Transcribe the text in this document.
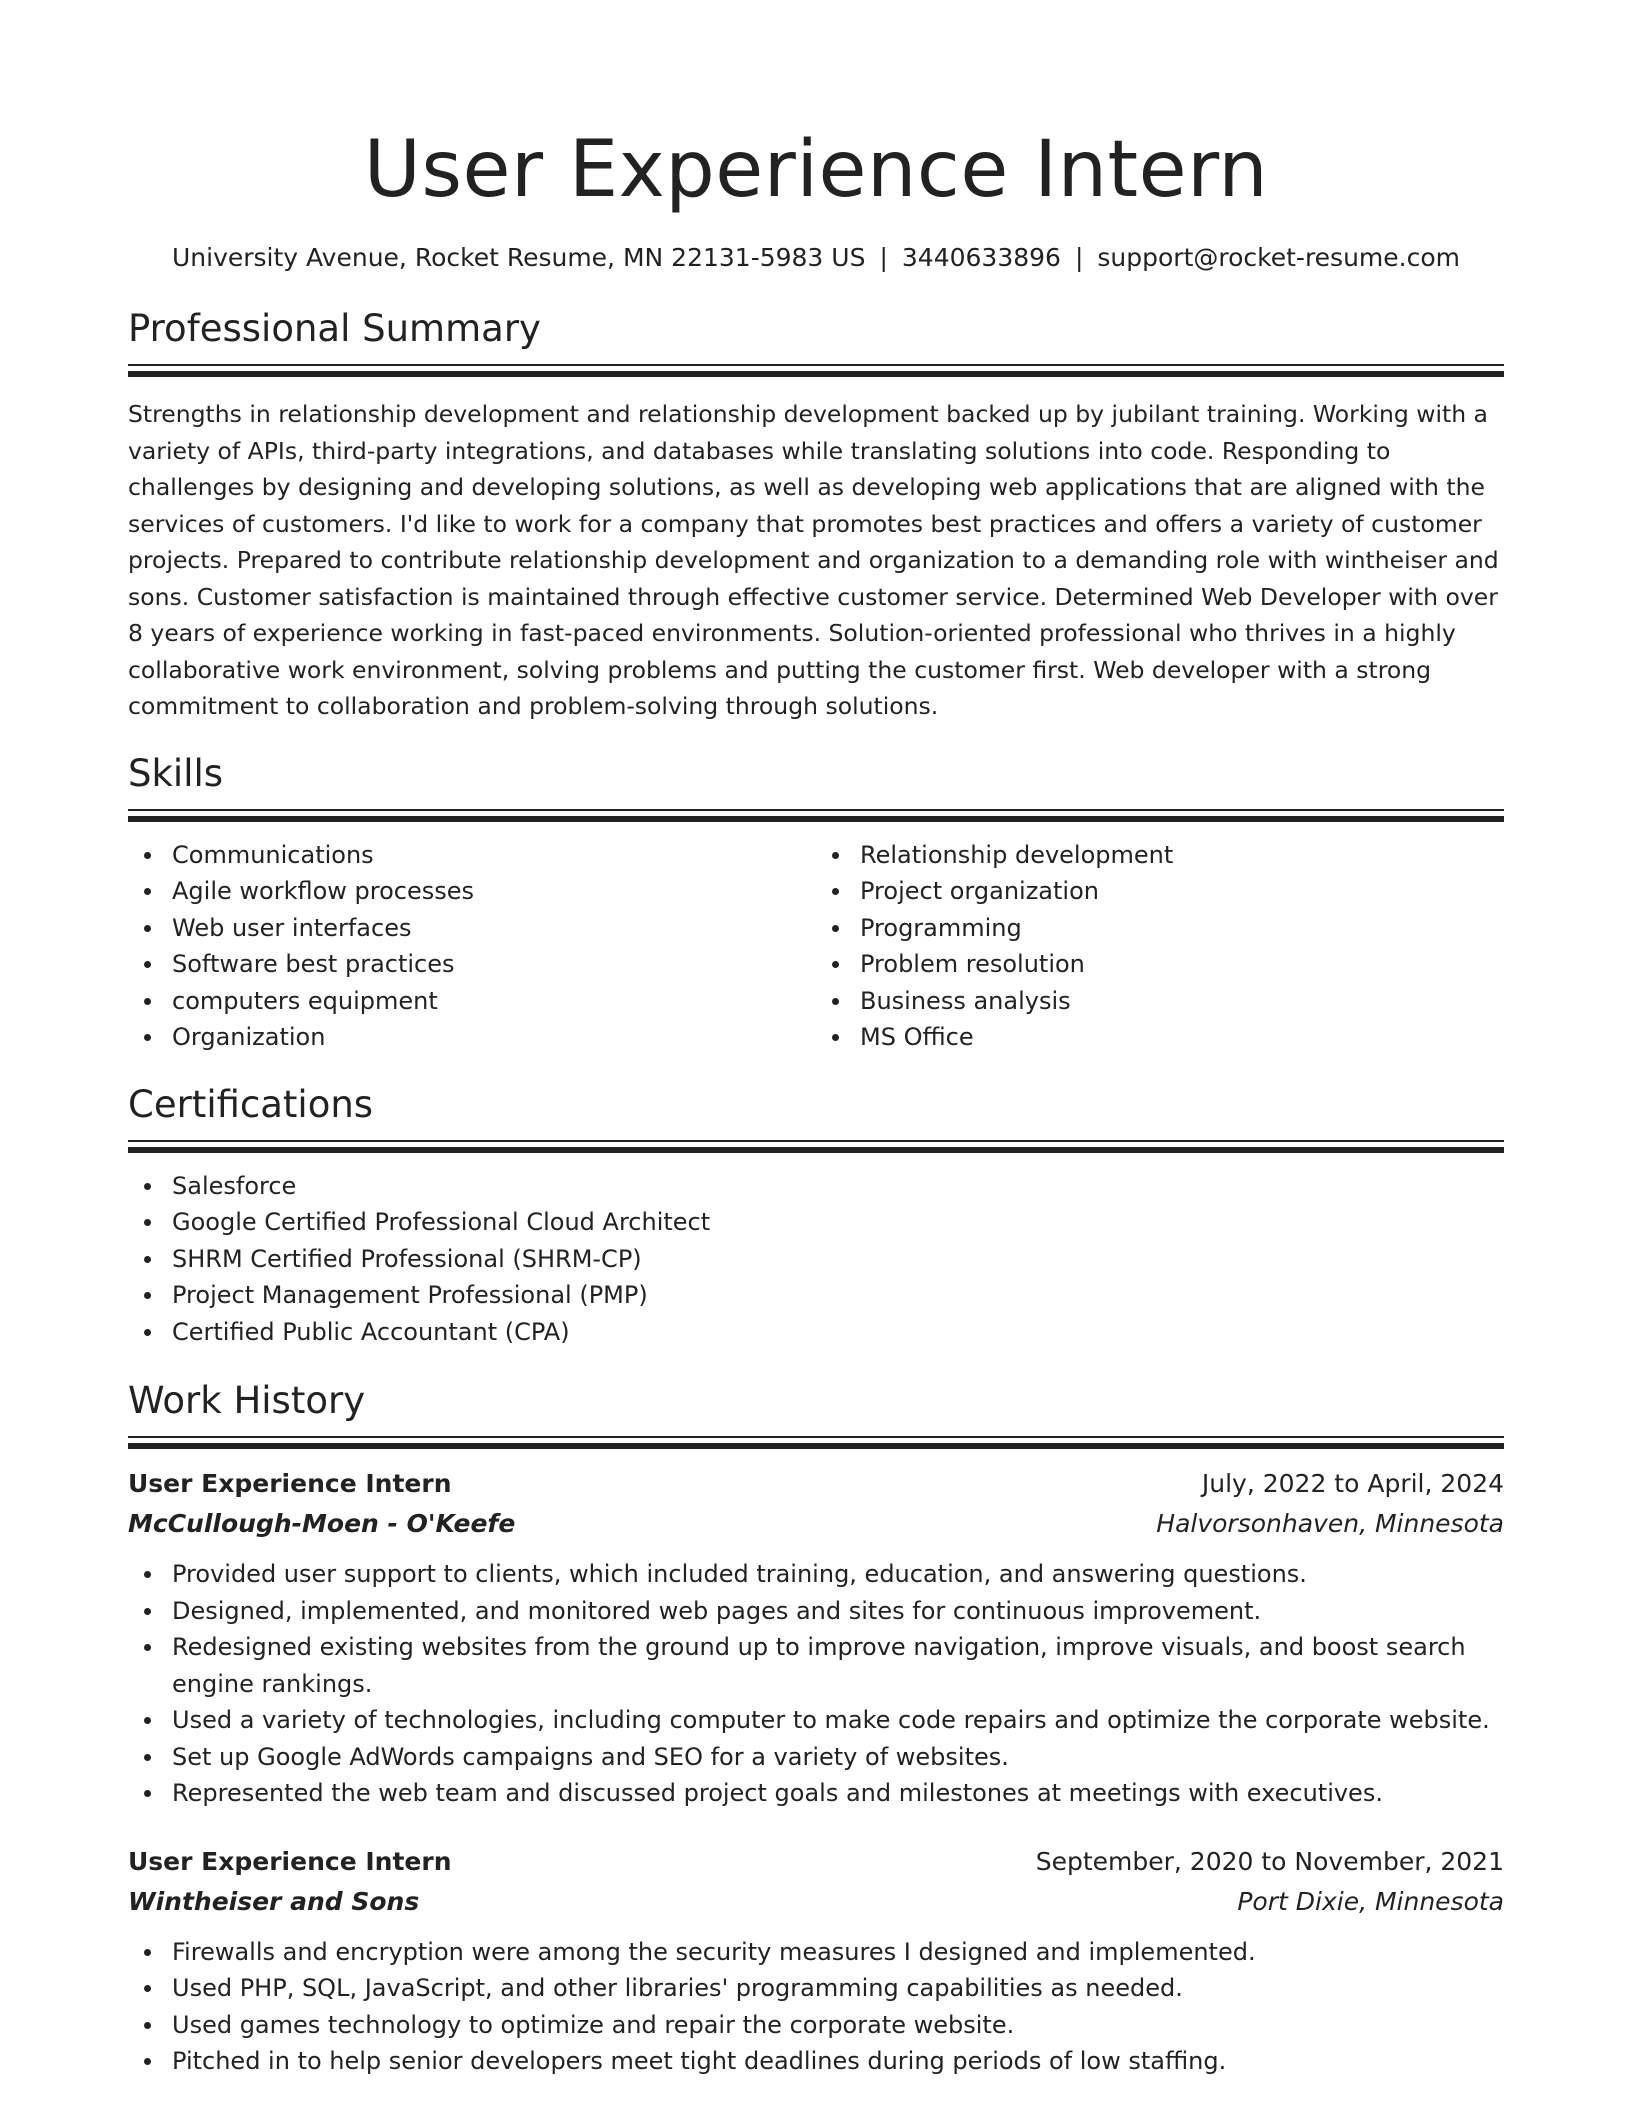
User Experience Intern
University Avenue, Rocket Resume, MN 22131-5983 US | 3440633896 | support@rocket-resume.com
Professional Summary
Strengths in relationship development and relationship development backed up by jubilant training. Working with a variety of APIs, third-party integrations, and databases while translating solutions into code. Responding to challenges by designing and developing solutions, as well as developing web applications that are aligned with the services of customers. I'd like to work for a company that promotes best practices and offers a variety of customer projects. Prepared to contribute relationship development and organization to a demanding role with wintheiser and sons. Customer satisfaction is maintained through effective customer service. Determined Web Developer with over 8 years of experience working in fast-paced environments. Solution-oriented professional who thrives in a highly collaborative work environment, solving problems and putting the customer first. Web developer with a strong commitment to collaboration and problem-solving through solutions.
Skills
Communications
Agile workflow processes
Web user interfaces
Software best practices
computers equipment
Organization
Relationship development
Project organization
Programming
Problem resolution
Business analysis
MS Office
Certifications
Salesforce
Google Certified Professional Cloud Architect
SHRM Certified Professional (SHRM-CP)
Project Management Professional (PMP)
Certified Public Accountant (CPA)
Work History
User Experience Intern	July, 2022 to April, 2024
McCullough-Moen - O'Keefe	Halvorsonhaven, Minnesota
Provided user support to clients, which included training, education, and answering questions.
Designed, implemented, and monitored web pages and sites for continuous improvement.
Redesigned existing websites from the ground up to improve navigation, improve visuals, and boost search engine rankings.
Used a variety of technologies, including computer to make code repairs and optimize the corporate website.
Set up Google AdWords campaigns and SEO for a variety of websites.
Represented the web team and discussed project goals and milestones at meetings with executives.
User Experience Intern	September, 2020 to November, 2021
Wintheiser and Sons	Port Dixie, Minnesota
Firewalls and encryption were among the security measures I designed and implemented.
Used PHP, SQL, JavaScript, and other libraries' programming capabilities as needed.
Used games technology to optimize and repair the corporate website.
Pitched in to help senior developers meet tight deadlines during periods of low staffing.
